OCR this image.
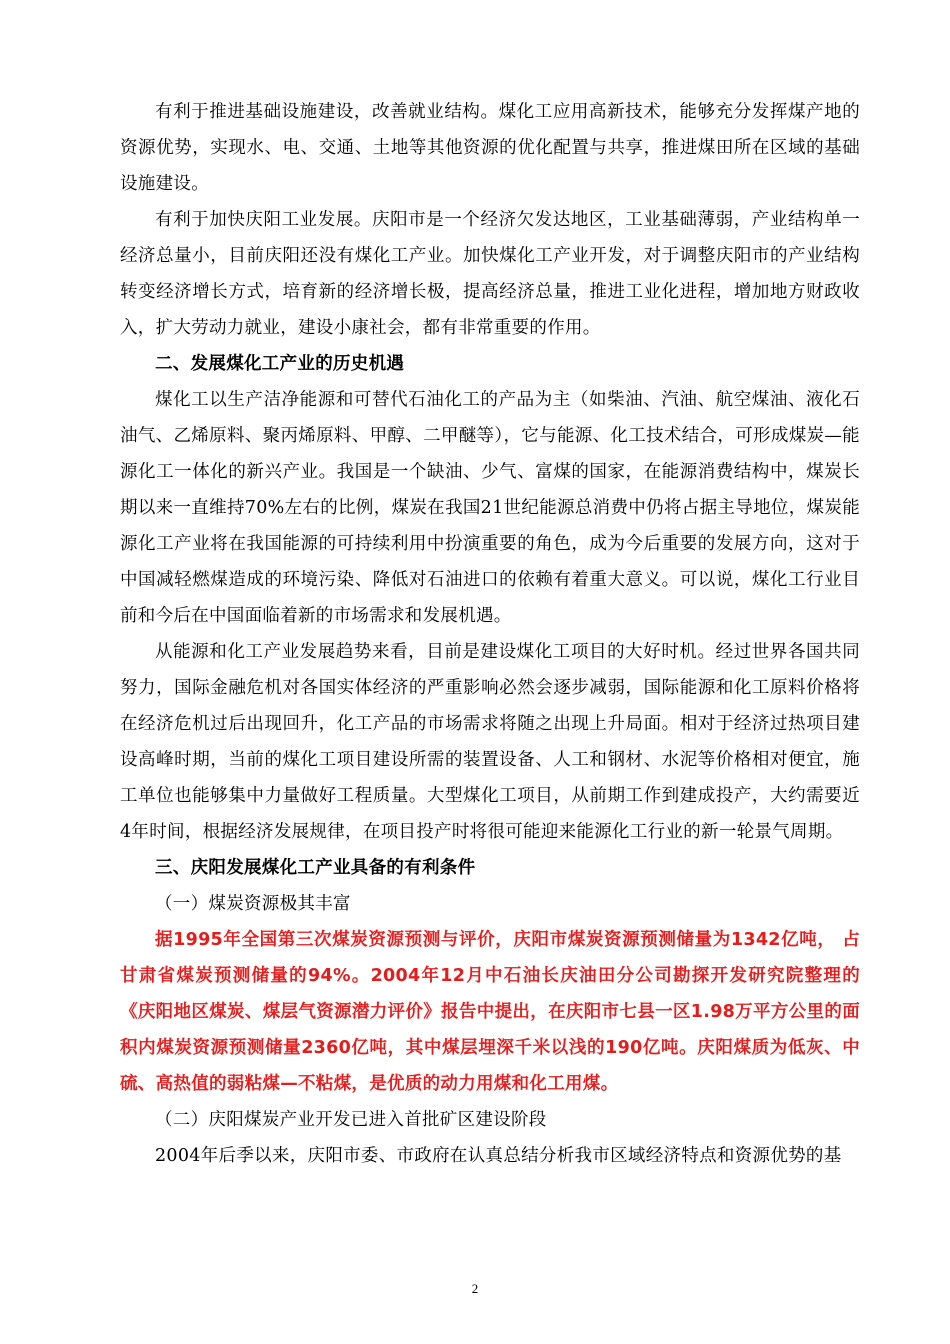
有利于推进基础设施建设，改善就业结构。煤化工应用高新技术，能够充分发挥煤产地的资源优势，实现水、电、交通、土地等其他资源的优化配置与共享，推进煤田所在区域的基础设施建设。

有利于加快庆阳工业发展。庆阳市是一个经济欠发达地区，工业基础薄弱，产业结构单一经济总量小，目前庆阳还没有煤化工产业。加快煤化工产业开发，对于调整庆阳市的产业结构转变经济增长方式，培育新的经济增长极，提高经济总量，推进工业化进程，增加地方财政收入，扩大劳动力就业，建设小康社会，都有非常重要的作用。

二、发展煤化工产业的历史机遇

煤化工以生产洁净能源和可替代石油化工的产品为主（如柴油、汽油、航空煤油、液化石油气、乙烯原料、聚丙烯原料、甲醇、二甲醚等），它与能源、化工技术结合，可形成煤炭—能源化工一体化的新兴产业。我国是一个缺油、少气、富煤的国家，在能源消费结构中，煤炭长期以来一直维持70%左右的比例，煤炭在我国21世纪能源总消费中仍将占据主导地位，煤炭能源化工产业将在我国能源的可持续利用中扮演重要的角色，成为今后重要的发展方向，这对于中国减轻燃煤造成的环境污染、降低对石油进口的依赖有着重大意义。可以说，煤化工行业目前和今后在中国面临着新的市场需求和发展机遇。

从能源和化工产业发展趋势来看，目前是建设煤化工项目的大好时机。经过世界各国共同努力，国际金融危机对各国实体经济的严重影响必然会逐步减弱，国际能源和化工原料价格将在经济危机过后出现回升，化工产品的市场需求将随之出现上升局面。相对于经济过热项目建设高峰时期，当前的煤化工项目建设所需的装置设备、人工和钢材、水泥等价格相对便宜，施工单位也能够集中力量做好工程质量。大型煤化工项目，从前期工作到建成投产，大约需要近4年时间，根据经济发展规律，在项目投产时将很可能迎来能源化工行业的新一轮景气周期。

三、庆阳发展煤化工产业具备的有利条件

（一）煤炭资源极其丰富

据1995年全国第三次煤炭资源预测与评价，庆阳市煤炭资源预测储量为1342亿吨， 占甘肃省煤炭预测储量的94%。2004年12月中石油长庆油田分公司勘探开发研究院整理的《庆阳地区煤炭、煤层气资源潜力评价》报告中提出，在庆阳市七县一区1.98万平方公里的面积内煤炭资源预测储量2360亿吨，其中煤层埋深千米以浅的190亿吨。庆阳煤质为低灰、中硫、高热值的弱粘煤—不粘煤，是优质的动力用煤和化工用煤。

（二）庆阳煤炭产业开发已进入首批矿区建设阶段

2004年后季以来，庆阳市委、市政府在认真总结分析我市区域经济特点和资源优势的基

2
